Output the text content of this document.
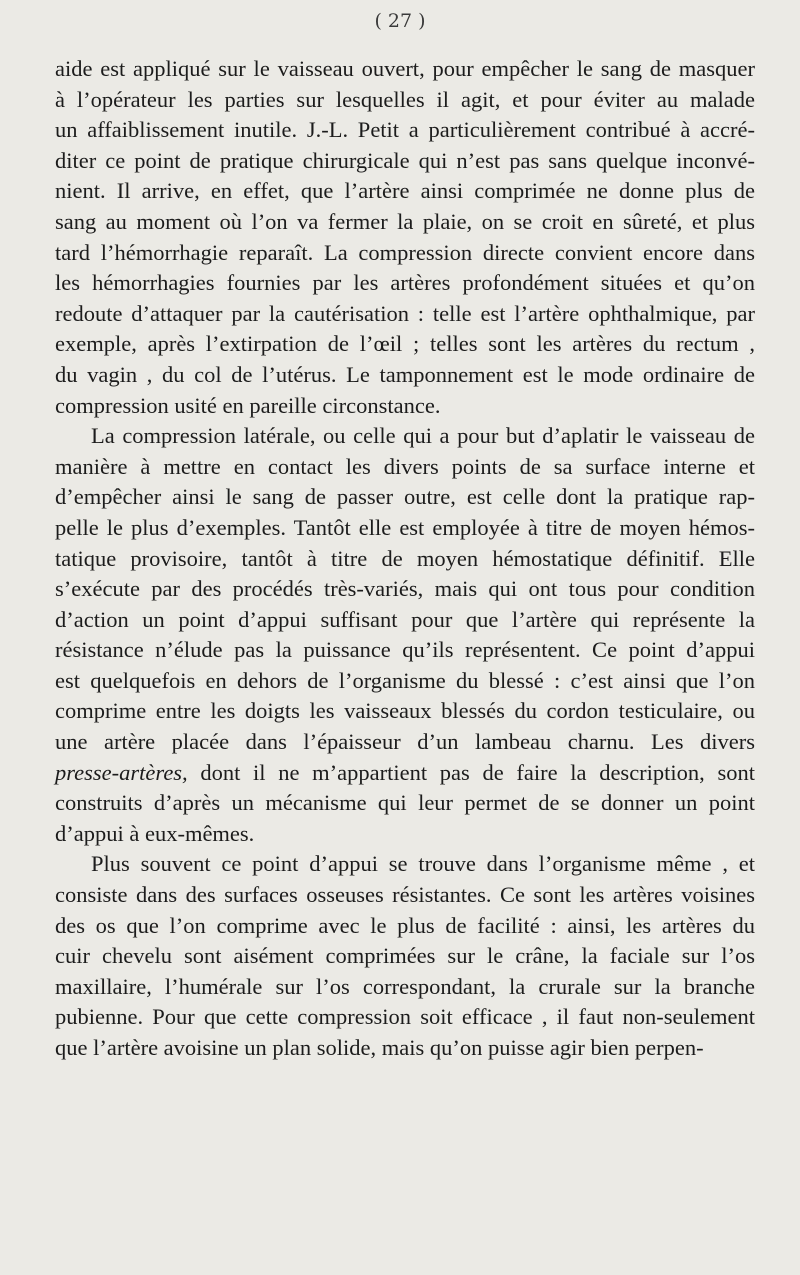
( 27 )
aide est appliqué sur le vaisseau ouvert, pour empêcher le sang de masquer
à l’opérateur les parties sur lesquelles il agit, et pour éviter au malade
un affaiblissement inutile. J.-L. Petit a particulièrement contribué à accré-
diter ce point de pratique chirurgicale qui n’est pas sans quelque inconvé-
nient. Il arrive, en effet, que l’artère ainsi comprimée ne donne plus de
sang au moment où l’on va fermer la plaie, on se croit en sûreté, et plus
tard l’hémorrhagie reparaît. La compression directe convient encore dans
les hémorrhagies fournies par les artères profondément situées et qu’on
redoute d’attaquer par la cautérisation : telle est l’artère ophthalmique, par
exemple, après l’extirpation de l’œil ; telles sont les artères du rectum ,
du vagin , du col de l’utérus. Le tamponnement est le mode ordinaire de
compression usité en pareille circonstance.
La compression latérale, ou celle qui a pour but d’aplatir le vaisseau de
manière à mettre en contact les divers points de sa surface interne et
d’empêcher ainsi le sang de passer outre, est celle dont la pratique rap-
pelle le plus d’exemples. Tantôt elle est employée à titre de moyen hémos-
tatique provisoire, tantôt à titre de moyen hémostatique définitif. Elle
s’exécute par des procédés très-variés, mais qui ont tous pour condition
d’action un point d’appui suffisant pour que l’artère qui représente la
résistance n’élude pas la puissance qu’ils représentent. Ce point d’appui
est quelquefois en dehors de l’organisme du blessé : c’est ainsi que l’on
comprime entre les doigts les vaisseaux blessés du cordon testiculaire, ou
une artère placée dans l’épaisseur d’un lambeau charnu. Les divers
presse-artères, dont il ne m’appartient pas de faire la description, sont
construits d’après un mécanisme qui leur permet de se donner un point
d’appui à eux-mêmes.
Plus souvent ce point d’appui se trouve dans l’organisme même , et
consiste dans des surfaces osseuses résistantes. Ce sont les artères voisines
des os que l’on comprime avec le plus de facilité : ainsi, les artères du
cuir chevelu sont aisément comprimées sur le crâne, la faciale sur l’os
maxillaire, l’humérale sur l’os correspondant, la crurale sur la branche
pubienne. Pour que cette compression soit efficace , il faut non-seulement
que l’artère avoisine un plan solide, mais qu’on puisse agir bien perpen-
